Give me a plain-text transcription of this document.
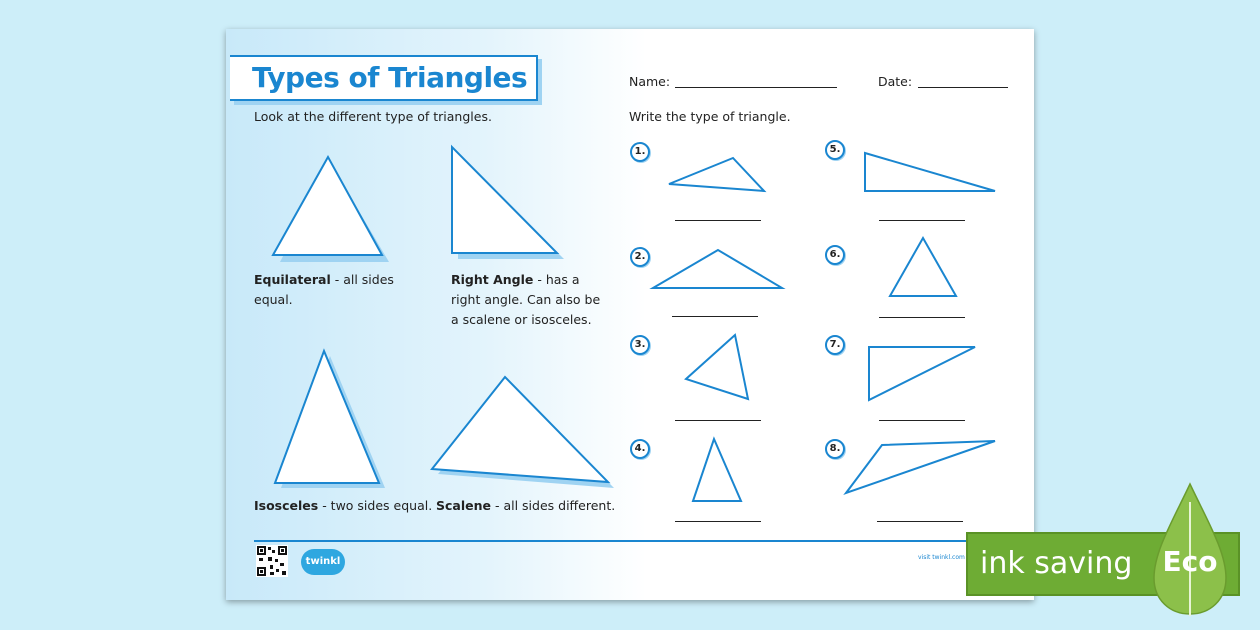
Types of Triangles
Look at the different type of triangles.
Name:	Date:
Write the type of triangle.
Equilateral - all sides equal.
Right Angle - has a right angle. Can also be a scalene or isosceles.
Isosceles - two sides equal. Scalene - all sides different.
1.
2.
3.
4.
5.
6.
7.
8.
twinkl	visit twinkl.com ink saving Eco
